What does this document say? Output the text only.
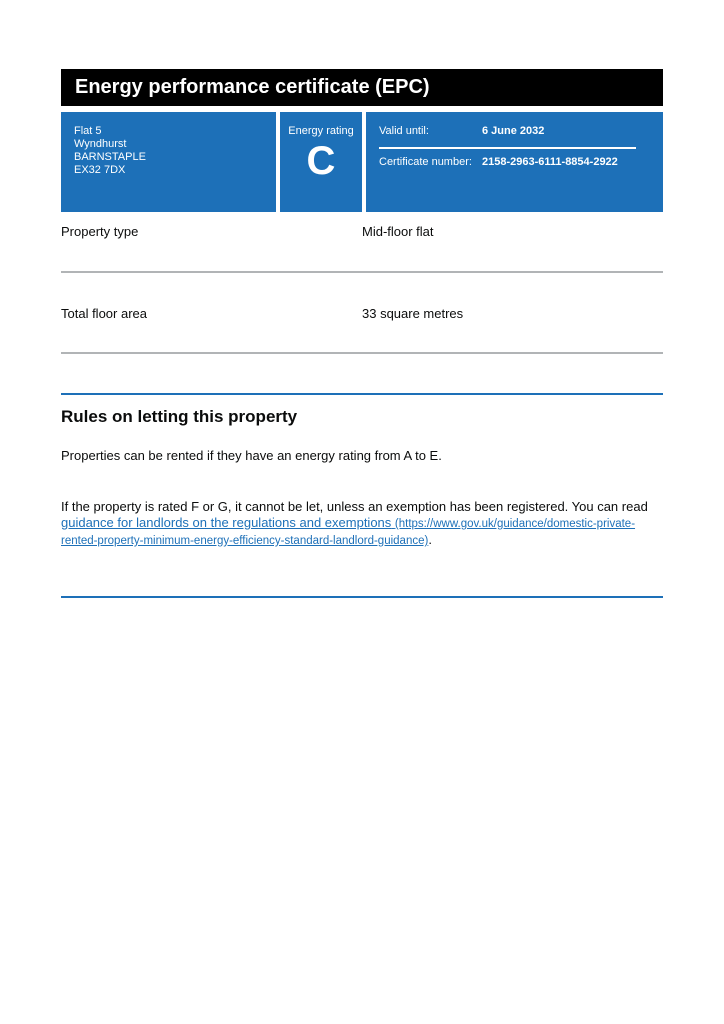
Energy performance certificate (EPC)
Flat 5
Wyndhurst
BARNSTAPLE
EX32 7DX
Energy rating
C
Valid until:	6 June 2032
Certificate number: 2158-2963-6111-8854-2922
Property type	Mid-floor flat
Total floor area	33 square metres
Rules on letting this property
Properties can be rented if they have an energy rating from A to E.
If the property is rated F or G, it cannot be let, unless an exemption has been registered. You can read guidance for landlords on the regulations and exemptions (https://www.gov.uk/guidance/domestic-private-rented-property-minimum-energy-efficiency-standard-landlord-guidance).
